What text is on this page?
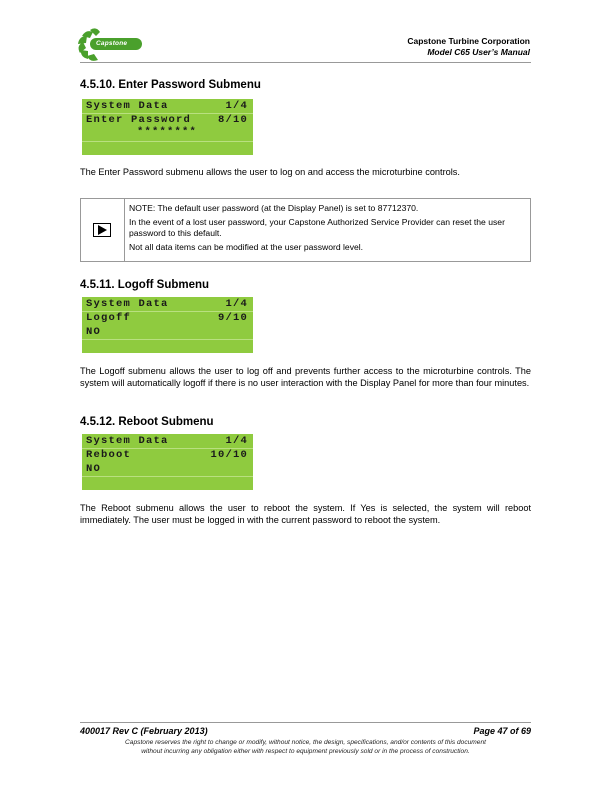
Capstone	Capstone Turbine Corporation
Model C65 User’s Manual
4.5.10. Enter Password Submenu
System Data	1/4
Enter Password	8/10
********
The Enter Password submenu allows the user to log on and access the microturbine controls.
NOTE: The default user password (at the Display Panel) is set to 87712370.
In the event of a lost user password, your Capstone Authorized Service Provider can reset the user password to this default.
Not all data items can be modified at the user password level.
4.5.11. Logoff Submenu
System Data	1/4
Logoff	9/10
NO
The Logoff submenu allows the user to log off and prevents further access to the microturbine controls. The system will automatically logoff if there is no user interaction with the Display Panel for more than four minutes.
4.5.12. Reboot Submenu
System Data	1/4
Reboot	10/10
NO
The Reboot submenu allows the user to reboot the system. If Yes is selected, the system will reboot immediately. The user must be logged in with the current password to reboot the system.
400017 Rev C (February 2013)	Page 47 of 69
Capstone reserves the right to change or modify, without notice, the design, specifications, and/or contents of this document
without incurring any obligation either with respect to equipment previously sold or in the process of construction.
